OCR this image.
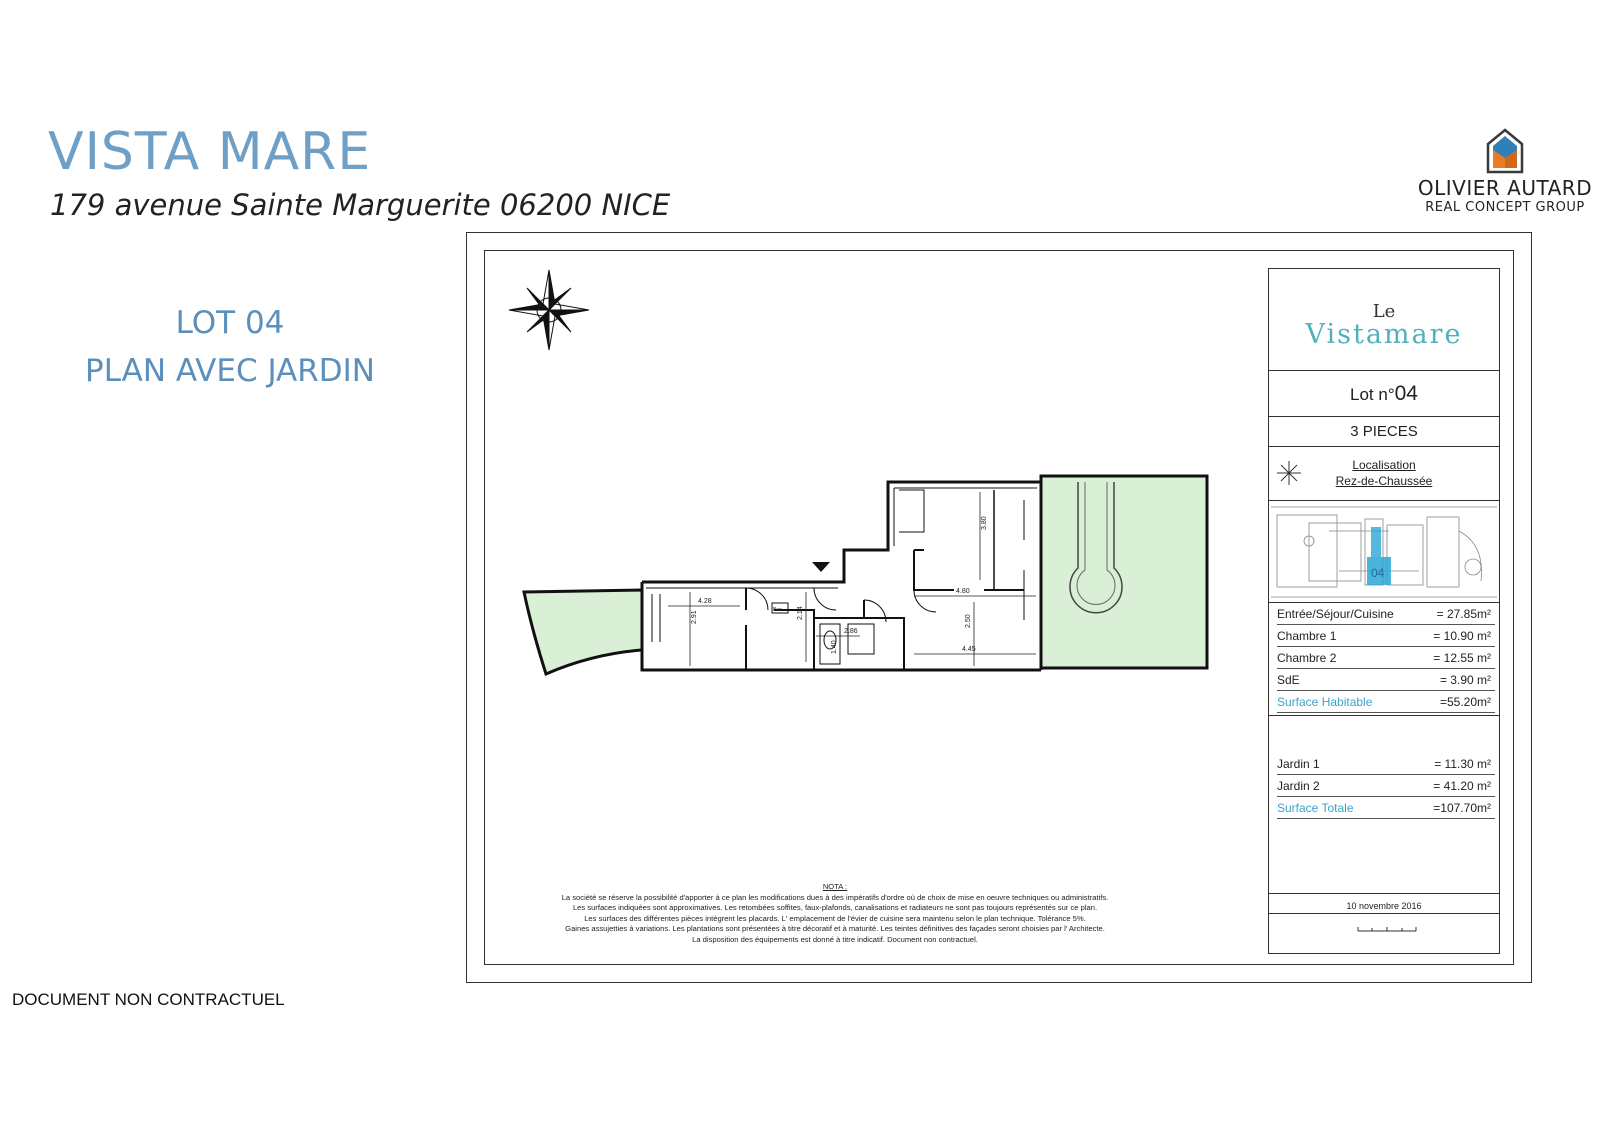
VISTA MARE
179 avenue Sainte Marguerite 06200 NICE
LOT 04
PLAN AVEC JARDIN
DOCUMENT NON CONTRACTUEL
OLIVIER AUTARD
REAL CONCEPT GROUP
2.91
4.28
2.14
1.40
2.86
3.80
4.80
2.50
4.45
Bac.
Le
Vistamare
Lot n°04
3 PIECES
Localisation
Rez-de-Chaussée
04
Entrée/Séjour/Cuisine	= 27.85m²
Chambre 1	= 10.90 m²
Chambre 2	= 12.55 m²
SdE	= 3.90 m²
Surface Habitable	=55.20m²
Jardin 1	= 11.30 m²
Jardin 2	= 41.20 m²
Surface Totale	=107.70m²
10 novembre 2016
NOTA :
La société se réserve la possibilité d'apporter à ce plan les modifications dues à des impératifs d'ordre où de choix de mise en oeuvre techniques ou administratifs.
Les surfaces indiquées sont approximatives. Les retombées soffites, faux-plafonds, canalisations et radiateurs ne sont pas toujours représentés sur ce plan.
Les surfaces des différentes pièces intègrent les placards. L' emplacement de l'évier de cuisine sera maintenu selon le plan technique. Tolérance 5%.
Gaines assujetties à variations. Les plantations sont présentées à titre décoratif et à maturité. Les teintes définitives des façades seront choisies par l' Architecte.
La disposition des équipements est donné à titre indicatif. Document non contractuel.
